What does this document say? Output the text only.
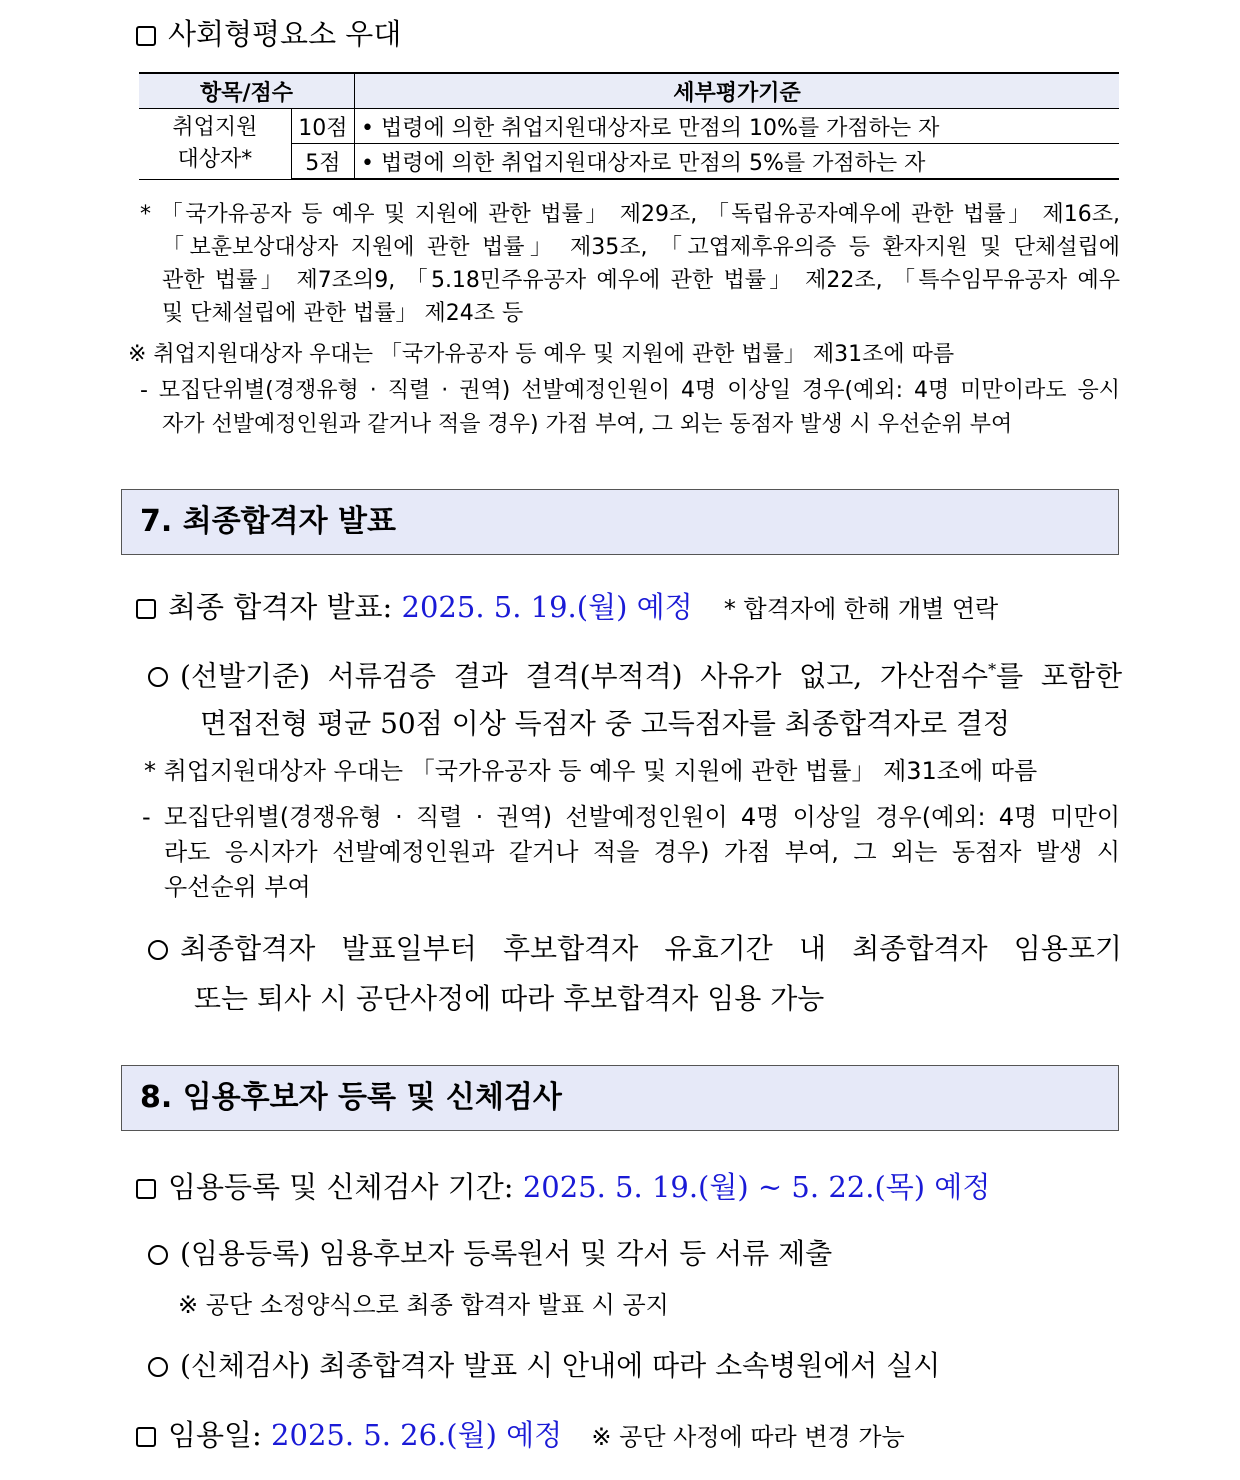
사회형평요소 우대
항목/점수		세부평가기준
취업지원
대상자*	10점	• 법령에 의한 취업지원대상자로 만점의 10%를 가점하는 자
	5점	• 법령에 의한 취업지원대상자로 만점의 5%를 가점하는 자
* 「국가유공자 등 예우 및 지원에 관한 법률」 제29조, 「독립유공자예우에 관한 법률」 제16조,
「보훈보상대상자 지원에 관한 법률」 제35조, 「고엽제후유의증 등 환자지원 및 단체설립에
관한 법률」 제7조의9, 「5.18민주유공자 예우에 관한 법률」 제22조, 「특수임무유공자 예우
및 단체설립에 관한 법률」 제24조 등
※ 취업지원대상자 우대는 「국가유공자 등 예우 및 지원에 관한 법률」 제31조에 따름
- 모집단위별(경쟁유형 · 직렬 · 권역) 선발예정인원이 4명 이상일 경우(예외: 4명 미만이라도 응시
자가 선발예정인원과 같거나 적을 경우) 가점 부여, 그 외는 동점자 발생 시 우선순위 부여
7. 최종합격자 발표
최종 합격자 발표: 2025. 5. 19.(월) 예정 * 합격자에 한해 개별 연락
(선발기준) 서류검증 결과 결격(부적격) 사유가 없고, 가산점수*를 포함한
면접전형 평균 50점 이상 득점자 중 고득점자를 최종합격자로 결정
* 취업지원대상자 우대는 「국가유공자 등 예우 및 지원에 관한 법률」 제31조에 따름
- 모집단위별(경쟁유형 · 직렬 · 권역) 선발예정인원이 4명 이상일 경우(예외: 4명 미만이
라도 응시자가 선발예정인원과 같거나 적을 경우) 가점 부여, 그 외는 동점자 발생 시
우선순위 부여
최종합격자 발표일부터 후보합격자 유효기간 내 최종합격자 임용포기
또는 퇴사 시 공단사정에 따라 후보합격자 임용 가능
8. 임용후보자 등록 및 신체검사
임용등록 및 신체검사 기간: 2025. 5. 19.(월) ~ 5. 22.(목) 예정
(임용등록) 임용후보자 등록원서 및 각서 등 서류 제출
※ 공단 소정양식으로 최종 합격자 발표 시 공지
(신체검사) 최종합격자 발표 시 안내에 따라 소속병원에서 실시
임용일: 2025. 5. 26.(월) 예정 ※ 공단 사정에 따라 변경 가능
